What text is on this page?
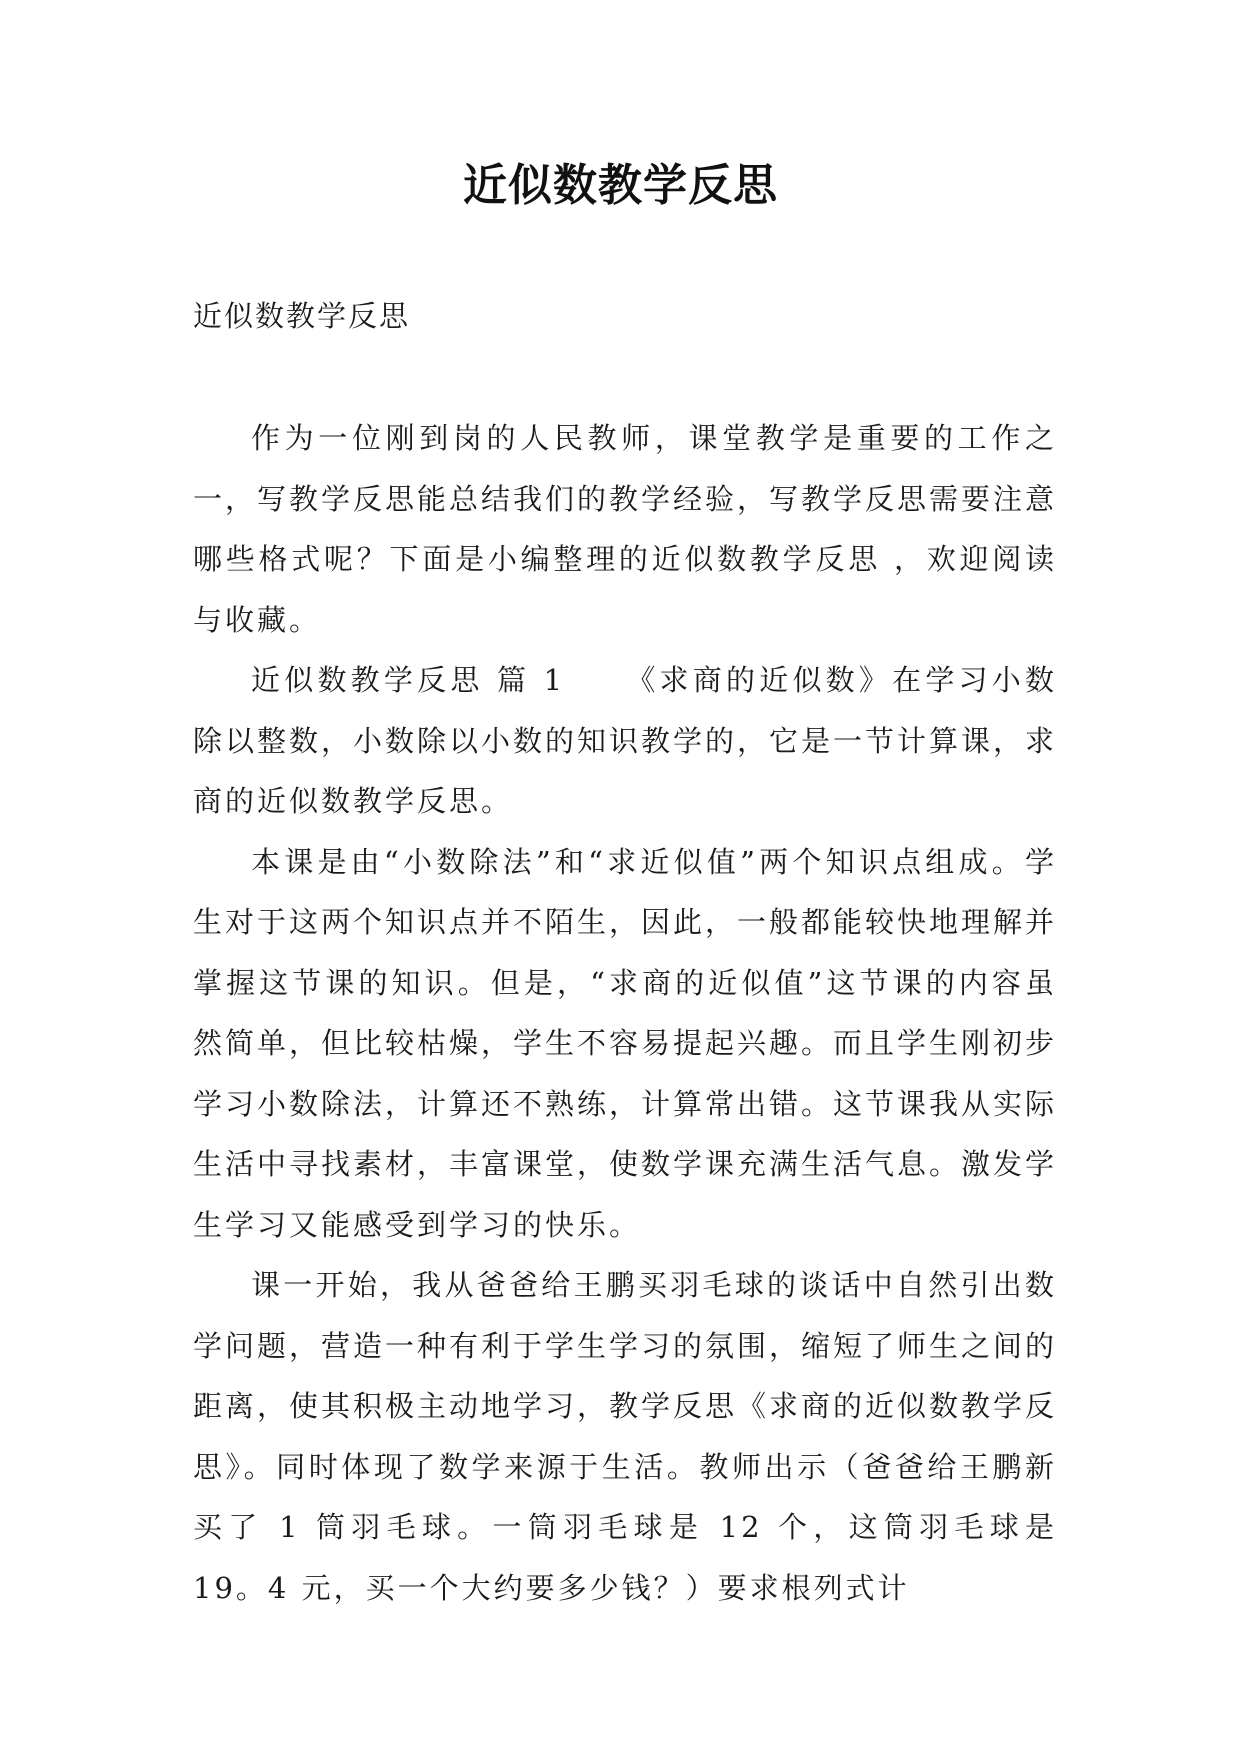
近似数教学反思
近似数教学反思

作为一位刚到岗的人民教师，课堂教学是重要的工作之一，写教学反思能总结我们的教学经验，写教学反思需要注意哪些格式呢？下面是小编整理的近似数教学反思 ，欢迎阅读与收藏。

近似数教学反思 篇 1 《求商的近似数》在学习小数除以整数，小数除以小数的知识教学的，它是一节计算课，求商的近似数教学反思。

本课是由“小数除法”和“求近似值”两个知识点组成。学生对于这两个知识点并不陌生，因此，一般都能较快地理解并掌握这节课的知识。但是，“求商的近似值”这节课的内容虽然简单，但比较枯燥，学生不容易提起兴趣。而且学生刚初步学习小数除法，计算还不熟练，计算常出错。这节课我从实际生活中寻找素材，丰富课堂，使数学课充满生活气息。激发学生学习又能感受到学习的快乐。

课一开始，我从爸爸给王鹏买羽毛球的谈话中自然引出数学问题，营造一种有利于学生学习的氛围，缩短了师生之间的距离，使其积极主动地学习，教学反思《求商的近似数教学反思》。同时体现了数学来源于生活。教师出示（爸爸给王鹏新买了 1 筒羽毛球。一筒羽毛球是 12 个，这筒羽毛球是 19。4 元，买一个大约要多少钱？）要求根列式计
